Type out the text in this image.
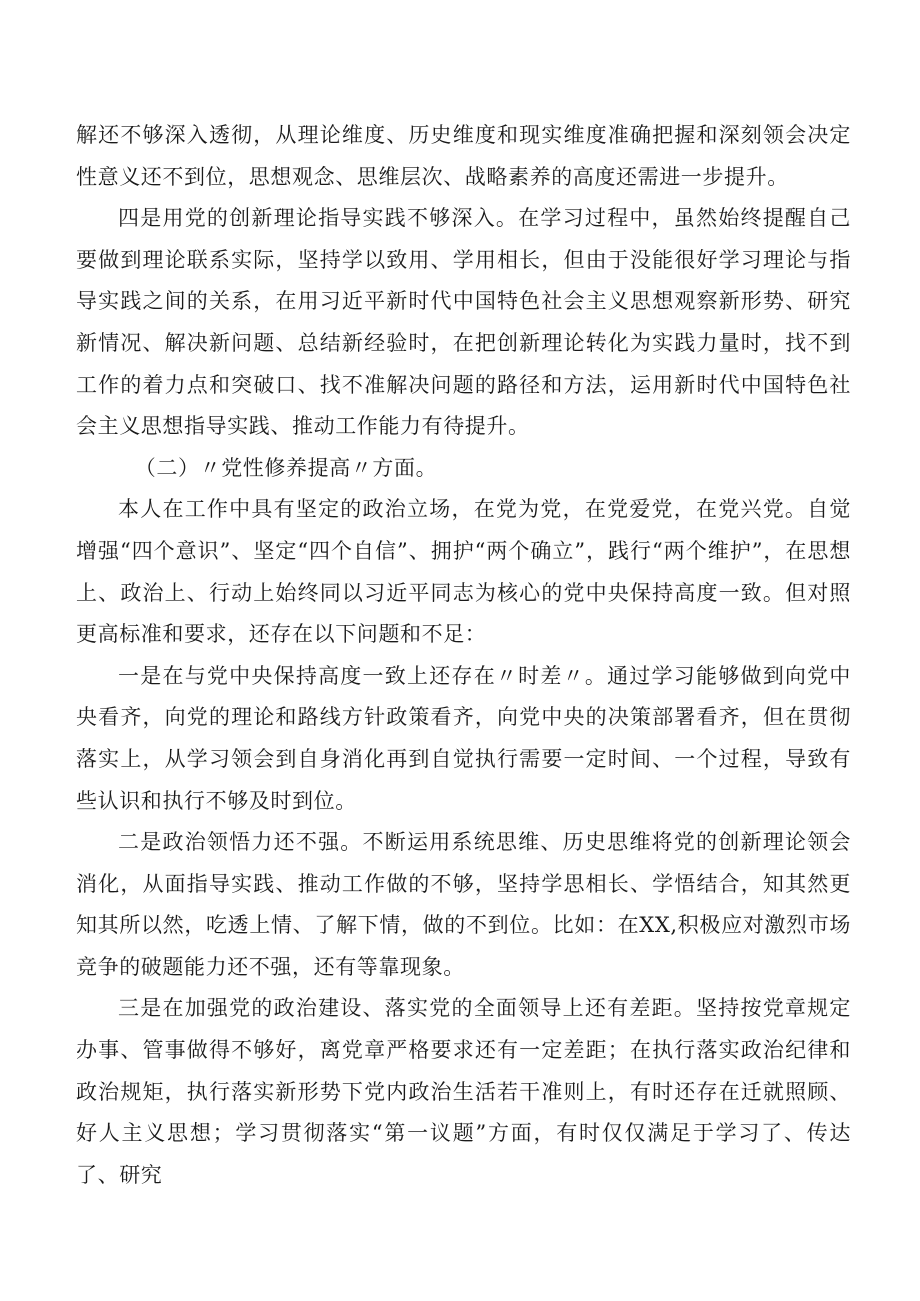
解还不够深入透彻，从理论维度、历史维度和现实维度准确把握和深刻领会决定性意义还不到位，思想观念、思维层次、战略素养的高度还需进一步提升。

四是用党的创新理论指导实践不够深入。在学习过程中，虽然始终提醒自己要做到理论联系实际，坚持学以致用、学用相长，但由于没能很好学习理论与指导实践之间的关系，在用习近平新时代中国特色社会主义思想观察新形势、研究新情况、解决新问题、总结新经验时，在把创新理论转化为实践力量时，找不到工作的着力点和突破口、找不准解决问题的路径和方法，运用新时代中国特色社会主义思想指导实践、推动工作能力有待提升。

（二）〃党性修养提高〃方面。

本人在工作中具有坚定的政治立场，在党为党，在党爱党，在党兴党。自觉增强“四个意识”、坚定“四个自信”、拥护“两个确立”，践行“两个维护”，在思想上、政治上、行动上始终同以习近平同志为核心的党中央保持高度一致。但对照更高标准和要求，还存在以下问题和不足：

一是在与党中央保持高度一致上还存在〃时差〃。通过学习能够做到向党中央看齐，向党的理论和路线方针政策看齐，向党中央的决策部署看齐，但在贯彻落实上，从学习领会到自身消化再到自觉执行需要一定时间、一个过程，导致有些认识和执行不够及时到位。

二是政治领悟力还不强。不断运用系统思维、历史思维将党的创新理论领会消化，从面指导实践、推动工作做的不够，坚持学思相长、学悟结合，知其然更知其所以然，吃透上情、了解下情，做的不到位。比如：在XX,积极应对激烈市场竞争的破题能力还不强，还有等靠现象。

三是在加强党的政治建设、落实党的全面领导上还有差距。坚持按党章规定办事、管事做得不够好，离党章严格要求还有一定差距；在执行落实政治纪律和政治规矩，执行落实新形势下党内政治生活若干准则上，有时还存在迁就照顾、好人主义思想；学习贯彻落实“第一议题”方面，有时仅仅满足于学习了、传达了、研究
